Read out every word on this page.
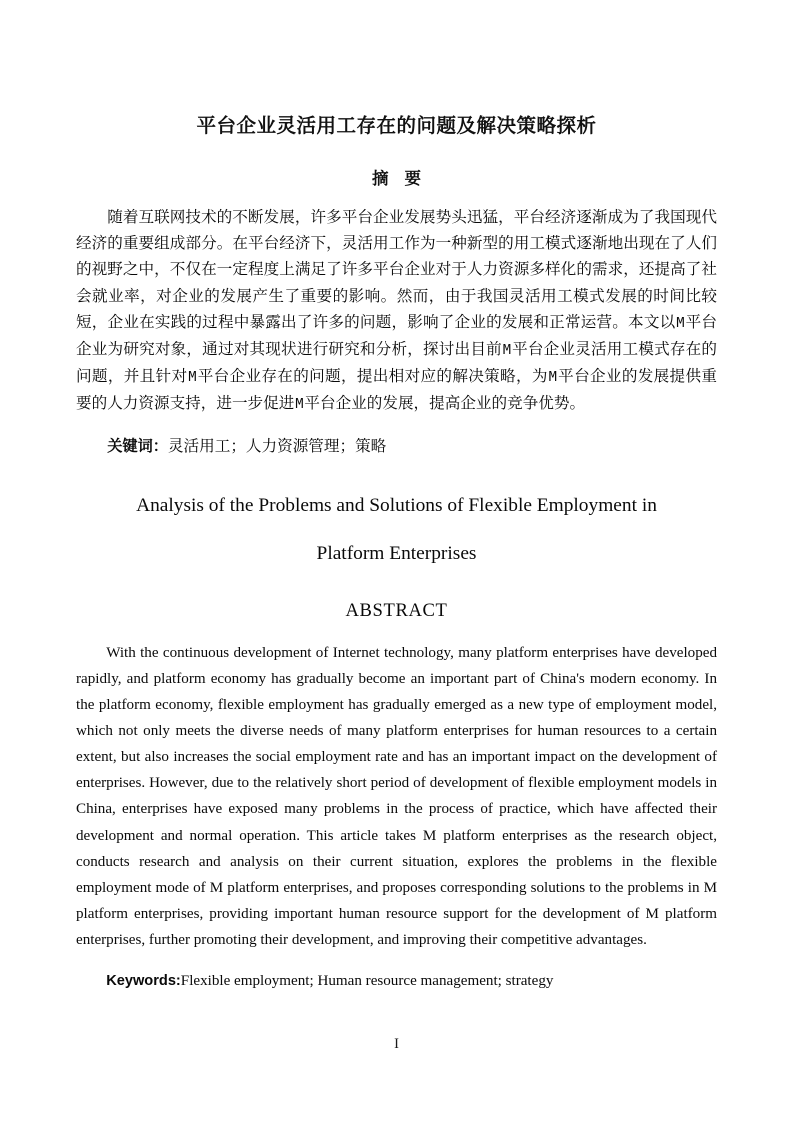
平台企业灵活用工存在的问题及解决策略探析
摘 要

随着互联网技术的不断发展，许多平台企业发展势头迅猛，平台经济逐渐成为了我国现代经济的重要组成部分。在平台经济下，灵活用工作为一种新型的用工模式逐渐地出现在了人们的视野之中，不仅在一定程度上满足了许多平台企业对于人力资源多样化的需求，还提高了社会就业率，对企业的发展产生了重要的影响。然而，由于我国灵活用工模式发展的时间比较短，企业在实践的过程中暴露出了许多的问题，影响了企业的发展和正常运营。本文以M平台企业为研究对象，通过对其现状进行研究和分析，探讨出目前M平台企业灵活用工模式存在的问题，并且针对M平台企业存在的问题，提出相对应的解决策略，为M平台企业的发展提供重要的人力资源支持，进一步促进M平台企业的发展，提高企业的竞争优势。

关键词：灵活用工；人力资源管理；策略

Analysis of the Problems and Solutions of Flexible Employment in
Platform Enterprises
ABSTRACT

With the continuous development of Internet technology, many platform enterprises have developed rapidly, and platform economy has gradually become an important part of China's modern economy. In the platform economy, flexible employment has gradually emerged as a new type of employment model, which not only meets the diverse needs of many platform enterprises for human resources to a certain extent, but also increases the social employment rate and has an important impact on the development of enterprises. However, due to the relatively short period of development of flexible employment models in China, enterprises have exposed many problems in the process of practice, which have affected their development and normal operation. This article takes M platform enterprises as the research object, conducts research and analysis on their current situation, explores the problems in the flexible employment mode of M platform enterprises, and proposes corresponding solutions to the problems in M platform enterprises, providing important human resource support for the development of M platform enterprises, further promoting their development, and improving their competitive advantages.

Keywords:Flexible employment; Human resource management; strategy

I
